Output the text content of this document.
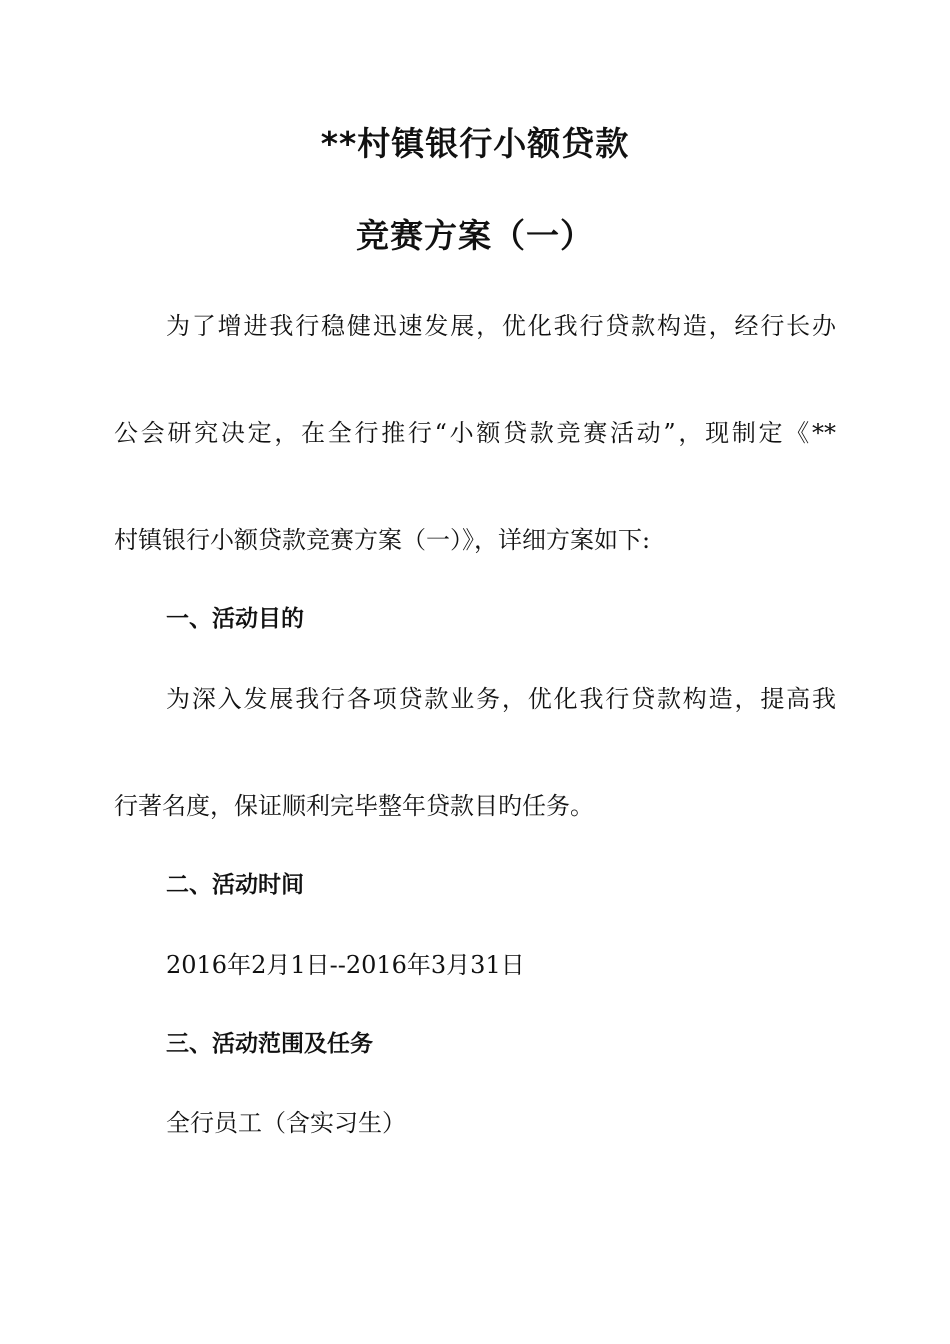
**村镇银行小额贷款
竞赛方案（一）
为了增进我行稳健迅速发展，优化我行贷款构造，经行长办
公会研究决定，在全行推行“小额贷款竞赛活动”，现制定《**
村镇银行小额贷款竞赛方案（一）》，详细方案如下:
一、活动目的
为深入发展我行各项贷款业务，优化我行贷款构造，提高我
行著名度，保证顺利完毕整年贷款目旳任务。
二、活动时间
2016年2月1日--2016年3月31日
三、活动范围及任务
全行员工（含实习生）
